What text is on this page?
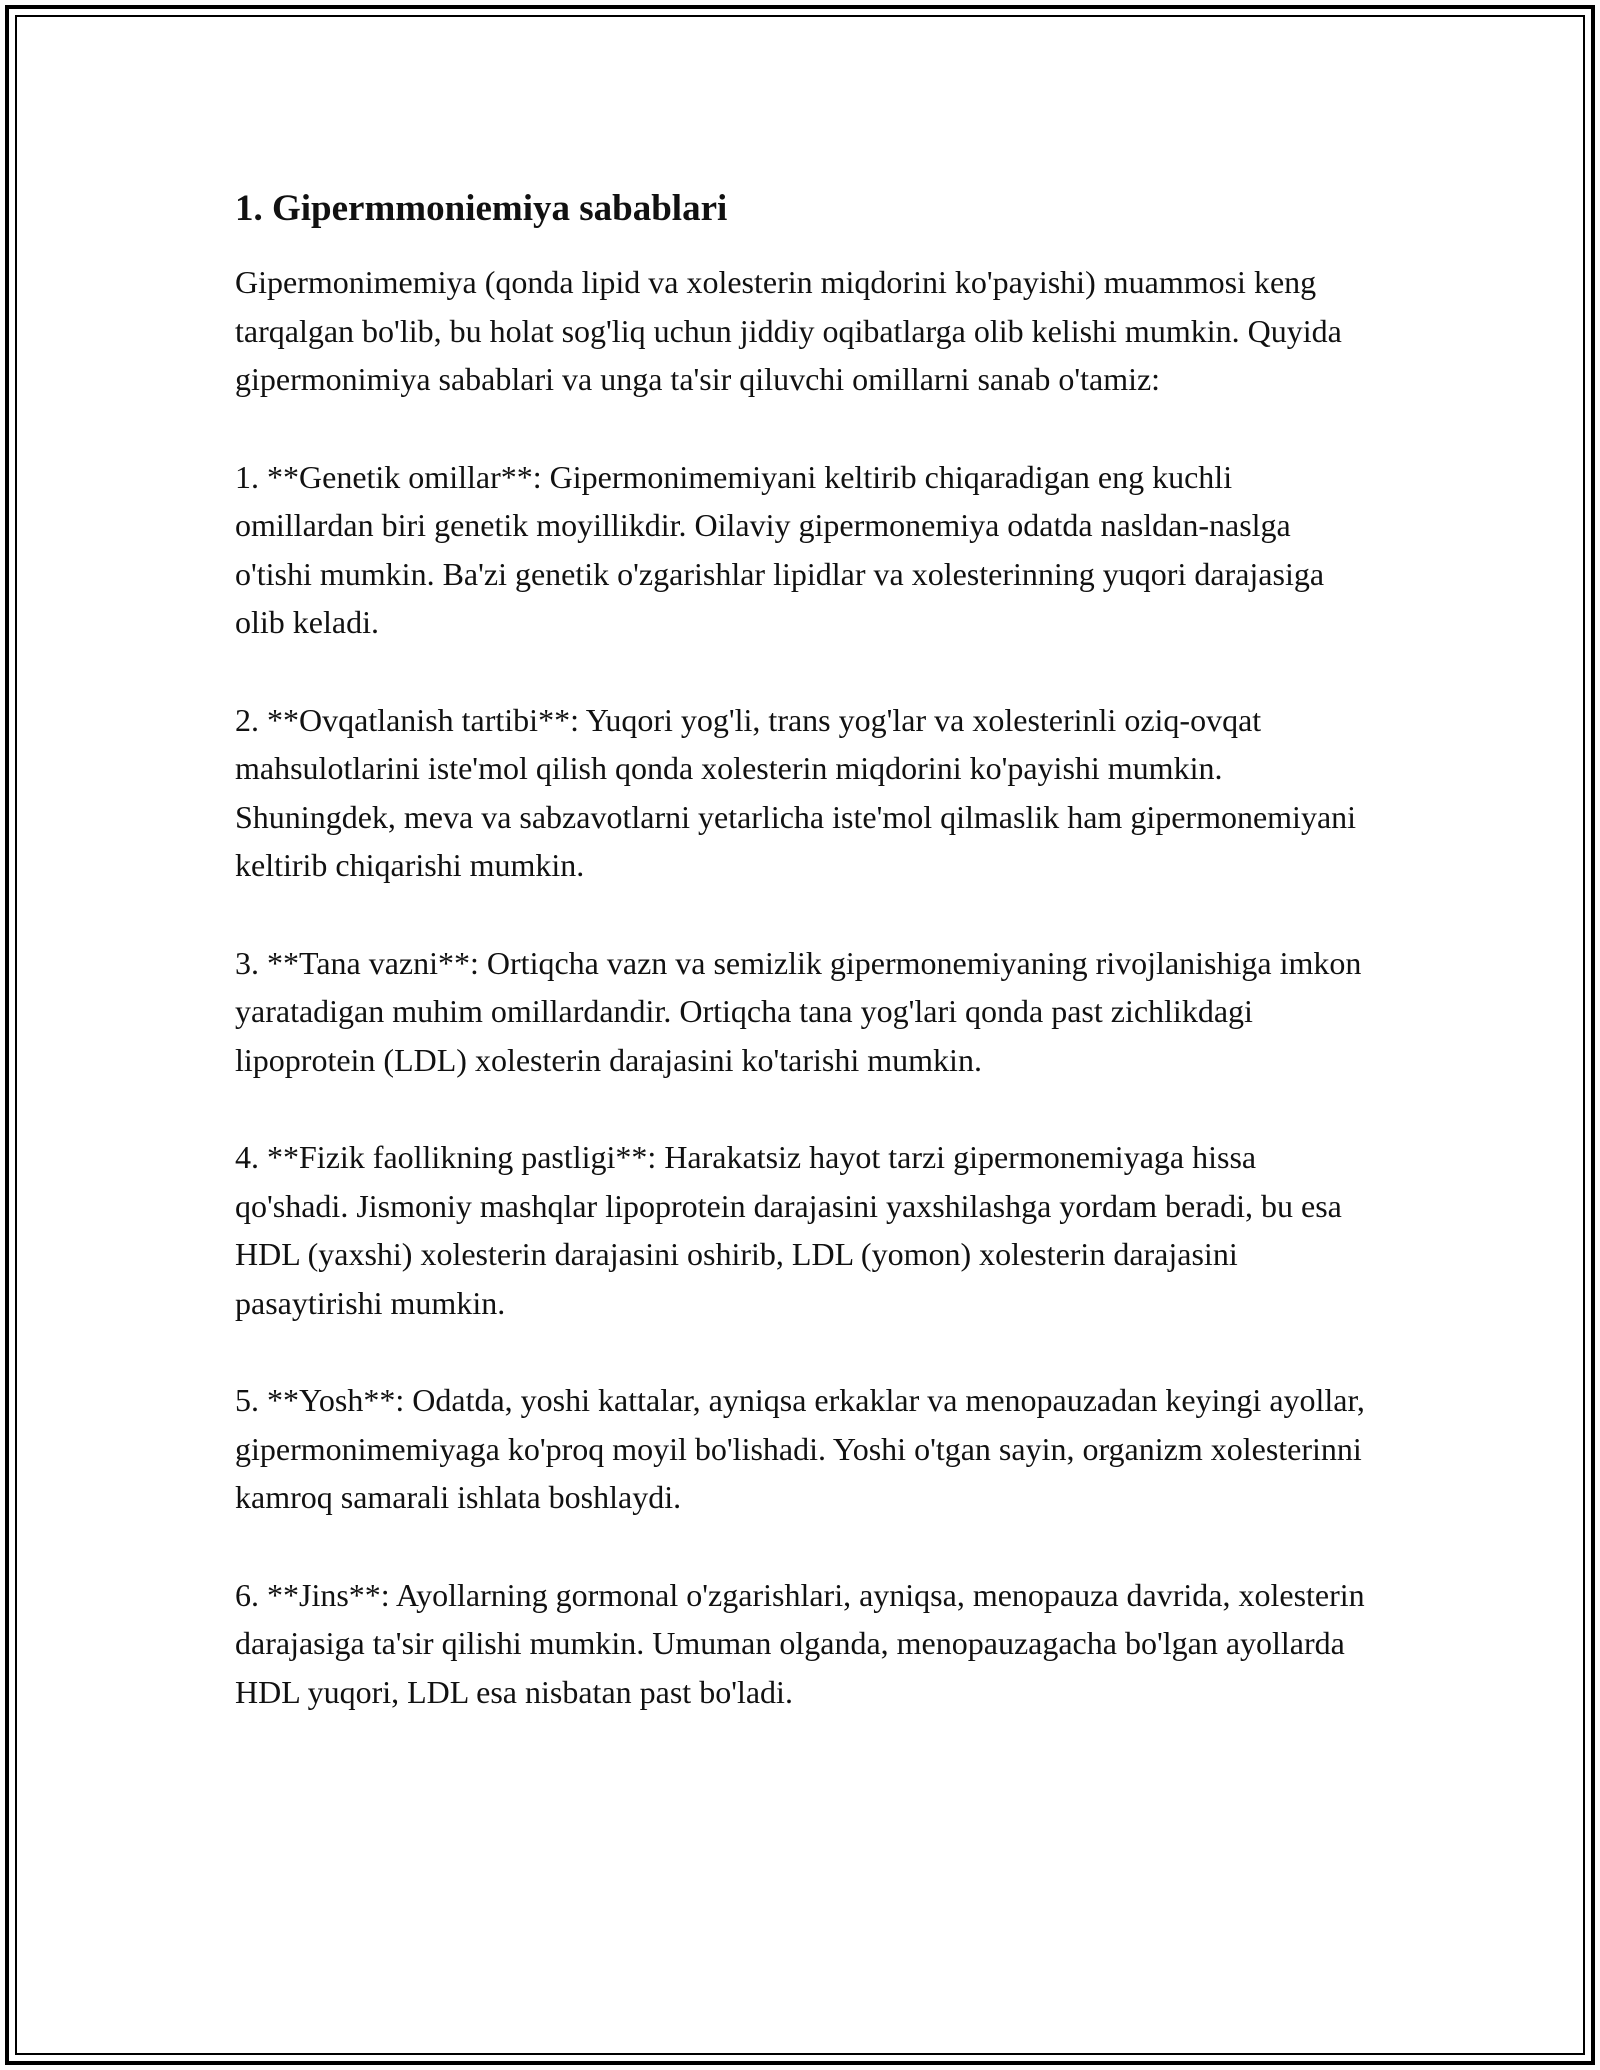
1. Gipermmoniemiya sabablari

Gipermonimemiya (qonda lipid va xolesterin miqdorini ko'payishi) muammosi keng tarqalgan bo'lib, bu holat sog'liq uchun jiddiy oqibatlarga olib kelishi mumkin. Quyida gipermonimiya sabablari va unga ta'sir qiluvchi omillarni sanab o'tamiz:

1. **Genetik omillar**: Gipermonimemiyani keltirib chiqaradigan eng kuchli omillardan biri genetik moyillikdir. Oilaviy gipermonemiya odatda nasldan-naslga o'tishi mumkin. Ba'zi genetik o'zgarishlar lipidlar va xolesterinning yuqori darajasiga olib keladi.

2. **Ovqatlanish tartibi**: Yuqori yog'li, trans yog'lar va xolesterinli oziq-ovqat mahsulotlarini iste'mol qilish qonda xolesterin miqdorini ko'payishi mumkin. Shuningdek, meva va sabzavotlarni yetarlicha iste'mol qilmaslik ham gipermonemiyani keltirib chiqarishi mumkin.

3. **Tana vazni**: Ortiqcha vazn va semizlik gipermonemiyaning rivojlanishiga imkon yaratadigan muhim omillardandir. Ortiqcha tana yog'lari qonda past zichlikdagi lipoprotein (LDL) xolesterin darajasini ko'tarishi mumkin.

4. **Fizik faollikning pastligi**: Harakatsiz hayot tarzi gipermonemiyaga hissa qo'shadi. Jismoniy mashqlar lipoprotein darajasini yaxshilashga yordam beradi, bu esa HDL (yaxshi) xolesterin darajasini oshirib, LDL (yomon) xolesterin darajasini pasaytirishi mumkin.

5. **Yosh**: Odatda, yoshi kattalar, ayniqsa erkaklar va menopauzadan keyingi ayollar, gipermonimemiyaga ko'proq moyil bo'lishadi. Yoshi o'tgan sayin, organizm xolesterinni kamroq samarali ishlata boshlaydi.

6. **Jins**: Ayollarning gormonal o'zgarishlari, ayniqsa, menopauza davrida, xolesterin darajasiga ta'sir qilishi mumkin. Umuman olganda, menopauzagacha bo'lgan ayollarda HDL yuqori, LDL esa nisbatan past bo'ladi.
